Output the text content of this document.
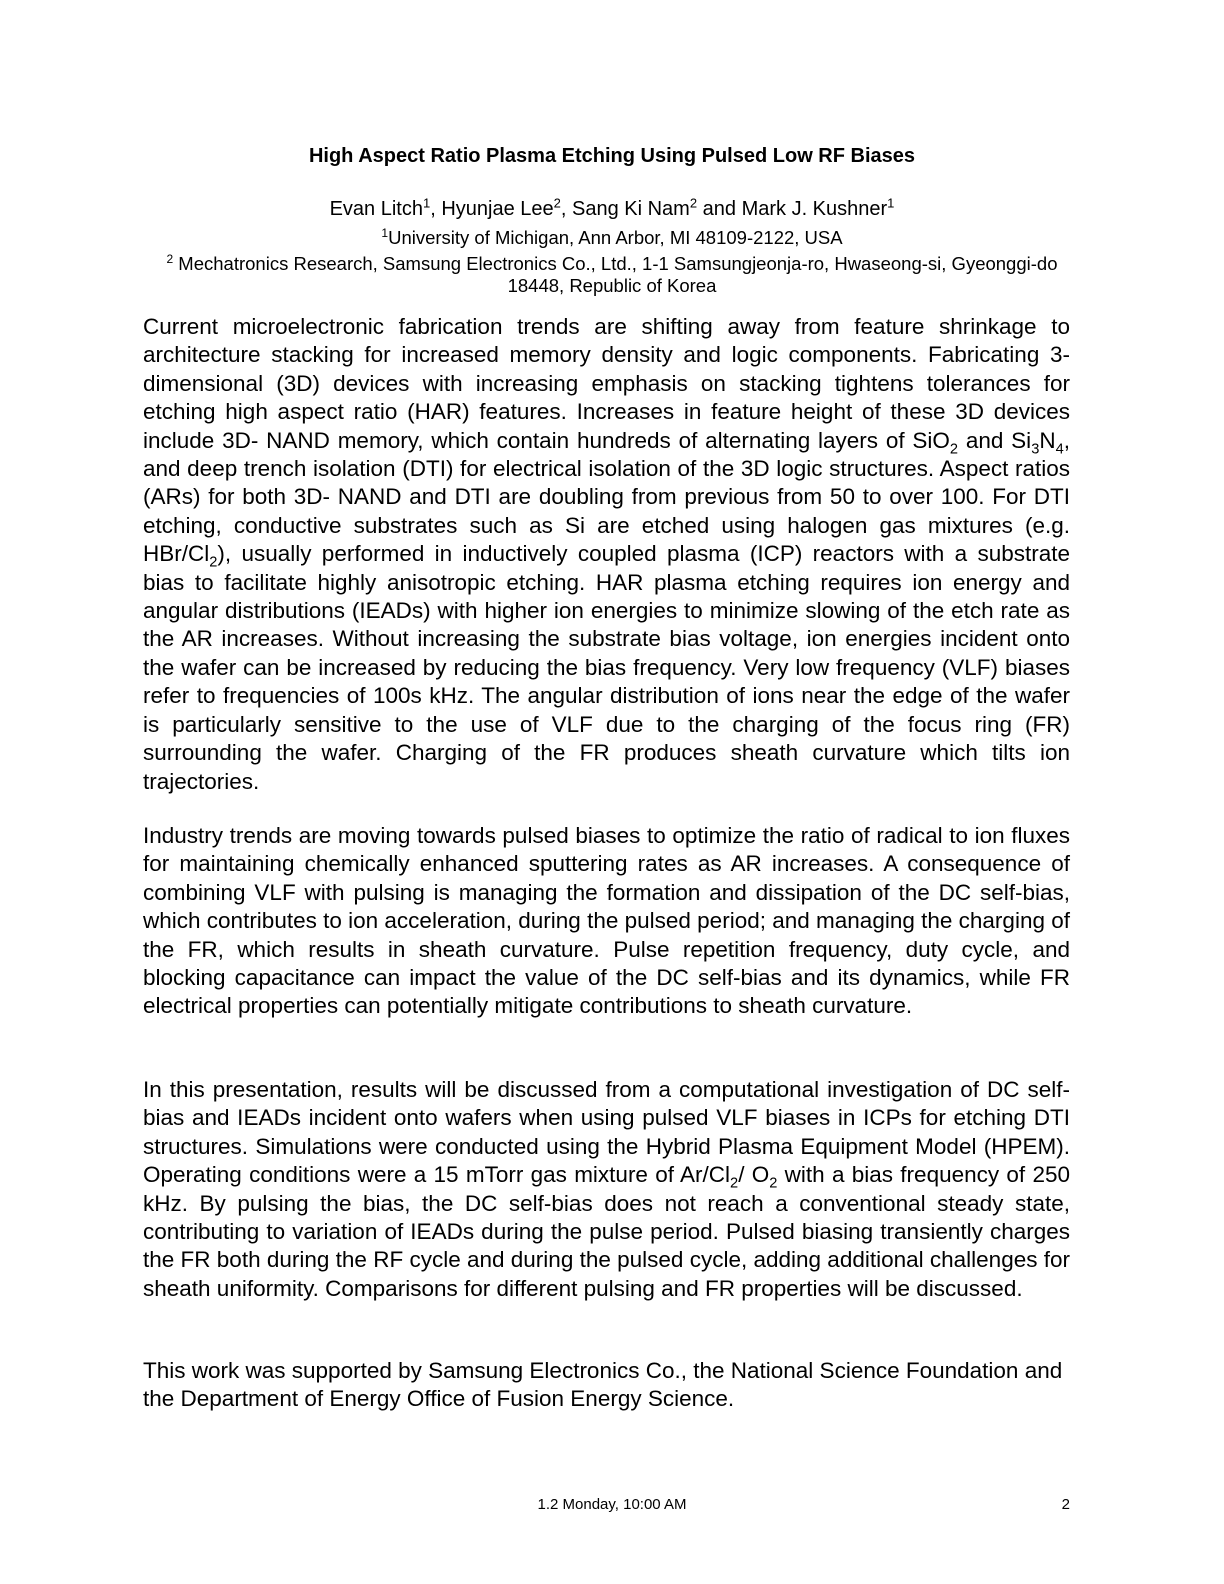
High Aspect Ratio Plasma Etching Using Pulsed Low RF Biases
Evan Litch$^1$, Hyunjae Lee$^2$, Sang Ki Nam$^2$ and Mark J. Kushner$^1$
$^1$University of Michigan, Ann Arbor, MI 48109-2122, USA
$^2$ Mechatronics Research, Samsung Electronics Co., Ltd., 1-1 Samsungjeonja-ro, Hwaseong-si, Gyeonggi-do 18448, Republic of Korea
Current microelectronic fabrication trends are shifting away from feature shrinkage to architecture stacking for increased memory density and logic components. Fabricating 3- dimensional (3D) devices with increasing emphasis on stacking tightens tolerances for etching high aspect ratio (HAR) features. Increases in feature height of these 3D devices include 3D- NAND memory, which contain hundreds of alternating layers of SiO$_2$ and $Si_3N_4$, and deep trench isolation (DTI) for electrical isolation of the 3D logic structures. Aspect ratios (ARs) for both 3D- NAND and DTI are doubling from previous from 50 to over 100. For DTI etching, conductive substrates such as Si are etched using halogen gas mixtures (e.g. HBr/$Cl_2$), usually performed in inductively coupled plasma (ICP) reactors with a substrate bias to facilitate highly anisotropic etching. HAR plasma etching requires ion energy and angular distributions (IEADs) with higher ion energies to minimize slowing of the etch rate as the AR increases. Without increasing the substrate bias voltage, ion energies incident onto the wafer can be increased by reducing the bias frequency. Very low frequency (VLF) biases refer to frequencies of 100s kHz. The angular distribution of ions near the edge of the wafer is particularly sensitive to the use of VLF due to the charging of the focus ring (FR) surrounding the wafer. Charging of the FR produces sheath curvature which tilts ion trajectories.
Industry trends are moving towards pulsed biases to optimize the ratio of radical to ion fluxes for maintaining chemically enhanced sputtering rates as AR increases. A consequence of combining VLF with pulsing is managing the formation and dissipation of the DC self-bias, which contributes to ion acceleration, during the pulsed period; and managing the charging of the FR, which results in sheath curvature. Pulse repetition frequency, duty cycle, and blocking capacitance can impact the value of the DC self-bias and its dynamics, while FR electrical properties can potentially mitigate contributions to sheath curvature.
In this presentation, results will be discussed from a computational investigation of DC self- bias and IEADs incident onto wafers when using pulsed VLF biases in ICPs for etching DTI structures. Simulations were conducted using the Hybrid Plasma Equipment Model (HPEM). Operating conditions were a 15 mTorr gas mixture of $Ar/Cl_2/$ $O_2$ with a bias frequency of 250 kHz. By pulsing the bias, the DC self-bias does not reach a conventional steady state, contributing to variation of IEADs during the pulse period. Pulsed biasing transiently charges the FR both during the RF cycle and during the pulsed cycle, adding additional challenges for sheath uniformity. Comparisons for different pulsing and FR properties will be discussed.
This work was supported by Samsung Electronics Co., the National Science Foundation and the Department of Energy Office of Fusion Energy Science.
1.2 Monday, 10:00 AM	2
